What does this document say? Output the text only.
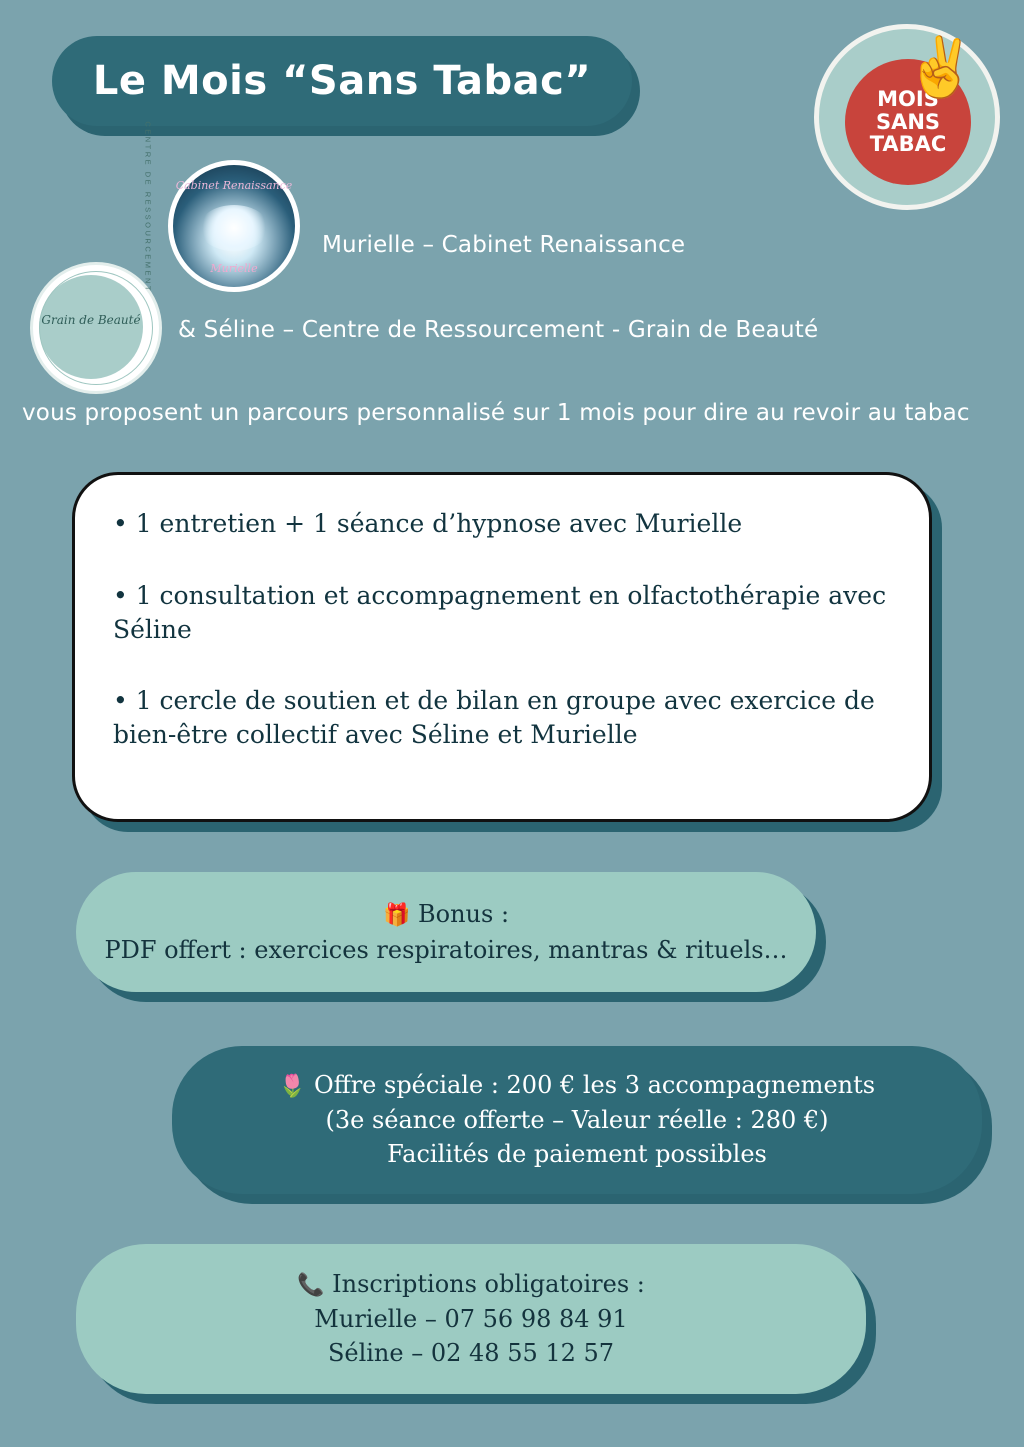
Le Mois “Sans Tabac”	MOIS
SANS
TABAC
✌
Cabinet Renaissance
Murielle
Grain de Beauté
CENTRE DE RESSOURCEMENT	Murielle – Cabinet Renaissance
& Séline – Centre de Ressourcement - Grain de Beauté
vous proposent un parcours personnalisé sur 1 mois pour dire au revoir au tabac

• 1 entretien + 1 séance d’hypnose avec Murielle

• 1 consultation et accompagnement en olfactothérapie avec Séline

• 1 cercle de soutien et de bilan en groupe avec exercice de bien-être collectif avec Séline et Murielle

🎁 Bonus :
PDF offert : exercices respiratoires, mantras & rituels…
🌷 Offre spéciale : 200 € les 3 accompagnements
(3e séance offerte – Valeur réelle : 280 €)
Facilités de paiement possibles
📞 Inscriptions obligatoires :
Murielle – 07 56 98 84 91
Séline – 02 48 55 12 57
